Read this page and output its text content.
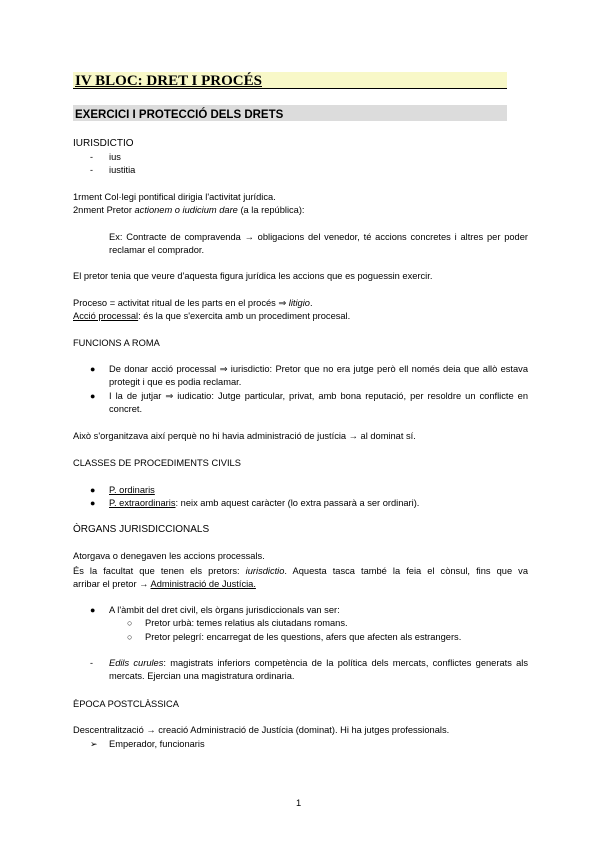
IV BLOC: DRET I PROCÉS
EXERCICI I PROTECCIÓ DELS DRETS
IURISDICTIO
- ius
- iustitia
1rment Col·legi pontifical dirigia l'activitat jurídica.
2nment Pretor actionem o iudicium dare (a la república):
Ex: Contracte de compravenda → obligacions del venedor, té accions concretes i altres per poder reclamar el comprador.
El pretor tenia que veure d'aquesta figura jurídica les accions que es poguessin exercir.
Proceso = activitat ritual de les parts en el procés ⇒ litigio.
Acció processal: és la que s'exercita amb un procediment procesal.
FUNCIONS A ROMA
● De donar acció processal ⇒ iurisdictio: Pretor que no era jutge però ell només deia que allò estava protegit i que es podia reclamar.
● I la de jutjar ⇒ iudicatio: Jutge particular, privat, amb bona reputació, per resoldre un conflicte en concret.
Això s'organitzava així perquè no hi havia administració de justícia → al dominat sí.
CLASSES DE PROCEDIMENTS CIVILS
● P. ordinaris
● P. extraordinaris: neix amb aquest caràcter (lo extra passarà a ser ordinari).
ÒRGANS JURISDICCIONALS
Atorgava o denegaven les accions processals.
És la facultat que tenen els pretors: iurisdictio. Aquesta tasca també la feia el cònsul, fins que va
arribar el pretor → Administració de Justícia.
● A l'àmbit del dret civil, els òrgans jurisdiccionals van ser:
○ Pretor urbà: temes relatius als ciutadans romans.
○ Pretor pelegrí: encarregat de les questions, afers que afecten als estrangers.
- Edils curules: magistrats inferiors competència de la política dels mercats, conflictes generats als mercats. Ejercian una magistratura ordinaria.
ÈPOCA POSTCLÀSSICA
Descentralització → creació Administració de Justícia (dominat). Hi ha jutges professionals.
➢ Emperador, funcionaris
1
